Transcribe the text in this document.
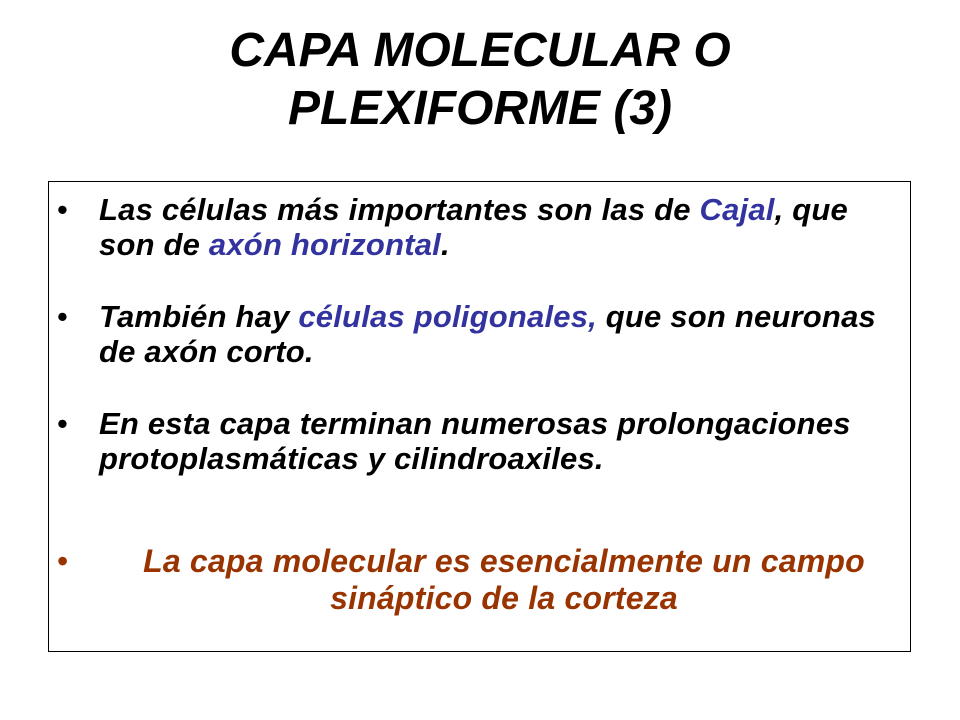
CAPA MOLECULAR O
PLEXIFORME (3)
• Las células más importantes son las de Cajal, que son de axón horizontal.
• También hay células poligonales, que son neuronas de axón corto.
• En esta capa terminan numerosas prolongaciones protoplasmáticas y cilindroaxiles.
• La capa molecular es esencialmente un campo sináptico de la corteza
